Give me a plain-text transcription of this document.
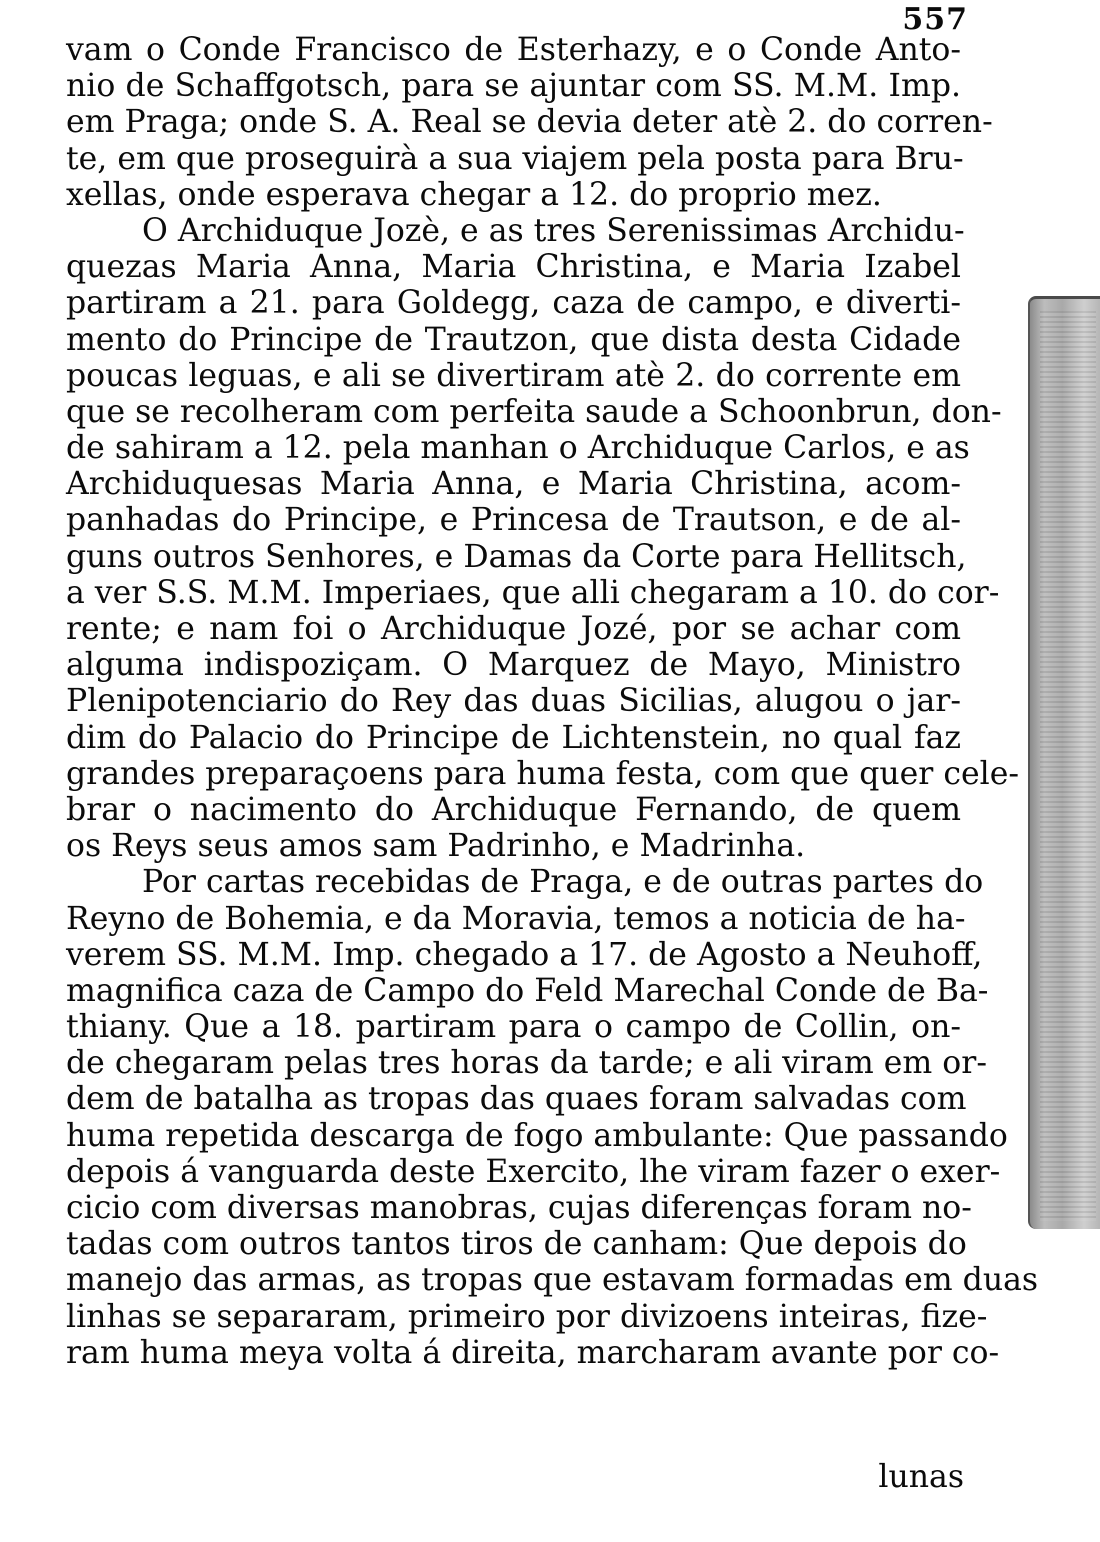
557
vam o Conde Francisco de Esterhazy, e o Conde Anto-
nio de Schaffgotsch, para se ajuntar com SS. M.M. Imp.
em Praga; onde S. A. Real se devia deter atè 2. do corren-
te, em que proseguirà a sua viajem pela posta para Bru-
xellas, onde esperava chegar a 12. do proprio mez.
O Archiduque Jozè, e as tres Serenissimas Archidu-
quezas Maria Anna, Maria Christina, e Maria Izabel
partiram a 21. para Goldegg, caza de campo, e diverti-
mento do Principe de Trautzon, que dista desta Cidade
poucas leguas, e ali se divertiram atè 2. do corrente em
que se recolheram com perfeita saude a Schoonbrun, don-
de sahiram a 12. pela manhan o Archiduque Carlos, e as
Archiduquesas Maria Anna, e Maria Christina, acom-
panhadas do Principe, e Princesa de Trautson, e de al-
guns outros Senhores, e Damas da Corte para Hellitsch,
a ver S.S. M.M. Imperiaes, que alli chegaram a 10. do cor-
rente; e nam foi o Archiduque Jozé, por se achar com
alguma indispoziçam. O Marquez de Mayo, Ministro
Plenipotenciario do Rey das duas Sicilias, alugou o jar-
dim do Palacio do Principe de Lichtenstein, no qual faz
grandes preparaçoens para huma festa, com que quer cele-
brar o nacimento do Archiduque Fernando, de quem
os Reys seus amos sam Padrinho, e Madrinha.
Por cartas recebidas de Praga, e de outras partes do
Reyno de Bohemia, e da Moravia, temos a noticia de ha-
verem SS. M.M. Imp. chegado a 17. de Agosto a Neuhoff,
magnifica caza de Campo do Feld Marechal Conde de Ba-
thiany. Que a 18. partiram para o campo de Collin, on-
de chegaram pelas tres horas da tarde; e ali viram em or-
dem de batalha as tropas das quaes foram salvadas com
huma repetida descarga de fogo ambulante: Que passando
depois á vanguarda deste Exercito, lhe viram fazer o exer-
cicio com diversas manobras, cujas diferenças foram no-
tadas com outros tantos tiros de canham: Que depois do
manejo das armas, as tropas que estavam formadas em duas
linhas se separaram, primeiro por divizoens inteiras, fize-
ram huma meya volta á direita, marcharam avante por co-
lunas
